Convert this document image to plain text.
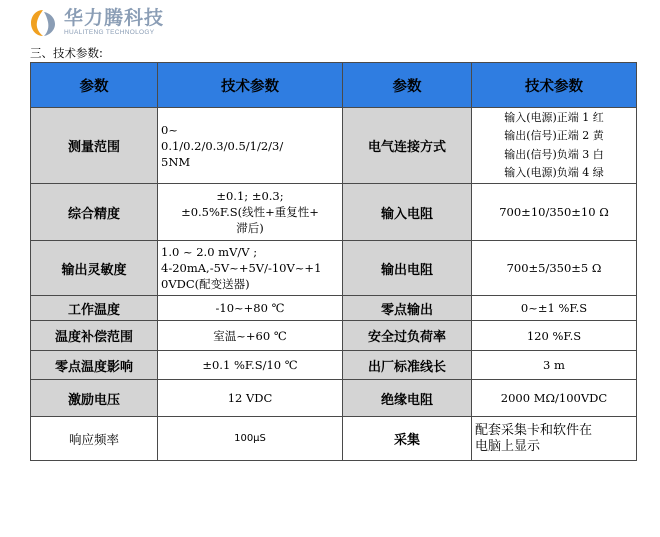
华力腾科技
HUALITENG TECHNOLOGY
三、技术参数:
参数	技术参数	参数	技术参数
测量范围	0~
0.1/0.2/0.3/0.5/1/2/3/
5NM	电气连接方式	输入(电源)正端 1 红
输出(信号)正端 2 黄
输出(信号)负端 3 白
输入(电源)负端 4 绿
综合精度	±0.1; ±0.3;
±0.5%F.S(线性+重复性+
滞后)	输入电阻	700±10/350±10 Ω
输出灵敏度	1.0 ~ 2.0 mV/V ;
4-20mA,-5V~+5V/-10V~+1
0VDC(配变送器)	输出电阻	700±5/350±5 Ω
工作温度	-10~+80 ℃	零点输出	0~±1 %F.S
温度补偿范围	室温~+60 ℃	安全过负荷率	120 %F.S
零点温度影响	±0.1 %F.S/10 ℃	出厂标准线长	3 m
激励电压	12 VDC	绝缘电阻	2000 MΩ/100VDC
响应频率	100μS	采集	配套采集卡和软件在
电脑上显示
